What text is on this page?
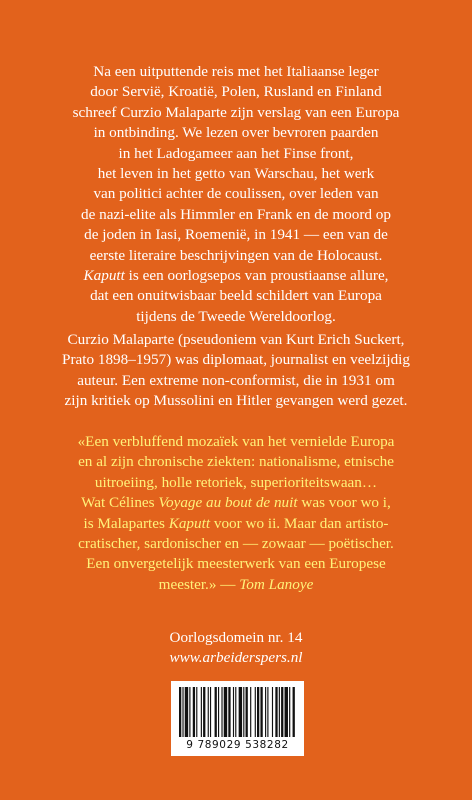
Na een uitputtende reis met het Italiaanse leger
door Servië, Kroatië, Polen, Rusland en Finland
schreef Curzio Malaparte zijn verslag van een Europa
in ontbinding. We lezen over bevroren paarden
in het Ladogameer aan het Finse front,
het leven in het getto van Warschau, het werk
van politici achter de coulissen, over leden van
de nazi-elite als Himmler en Frank en de moord op
de joden in Iasi, Roemenië, in 1941 — een van de
eerste literaire beschrijvingen van de Holocaust.
Kaputt is een oorlogsepos van proustiaanse allure,
dat een onuitwisbaar beeld schildert van Europa
tijdens de Tweede Wereldoorlog.
Curzio Malaparte (pseudoniem van Kurt Erich Suckert,
Prato 1898–1957) was diplomaat, journalist en veelzijdig
auteur. Een extreme non-conformist, die in 1931 om
zijn kritiek op Mussolini en Hitler gevangen werd gezet.
«Een verbluffend mozaïek van het vernielde Europa
en al zijn chronische ziekten: nationalisme, etnische
uitroeiing, holle retoriek, superioriteitswaan…
Wat Célines Voyage au bout de nuit was voor wo i,
is Malapartes Kaputt voor wo ii. Maar dan artisto-
cratischer, sardonischer en — zowaar — poëtischer.
Een onvergetelijk meesterwerk van een Europese
meester.» — Tom Lanoye
Oorlogsdomein nr. 14
www.arbeiderspers.nl
9 789029 538282
